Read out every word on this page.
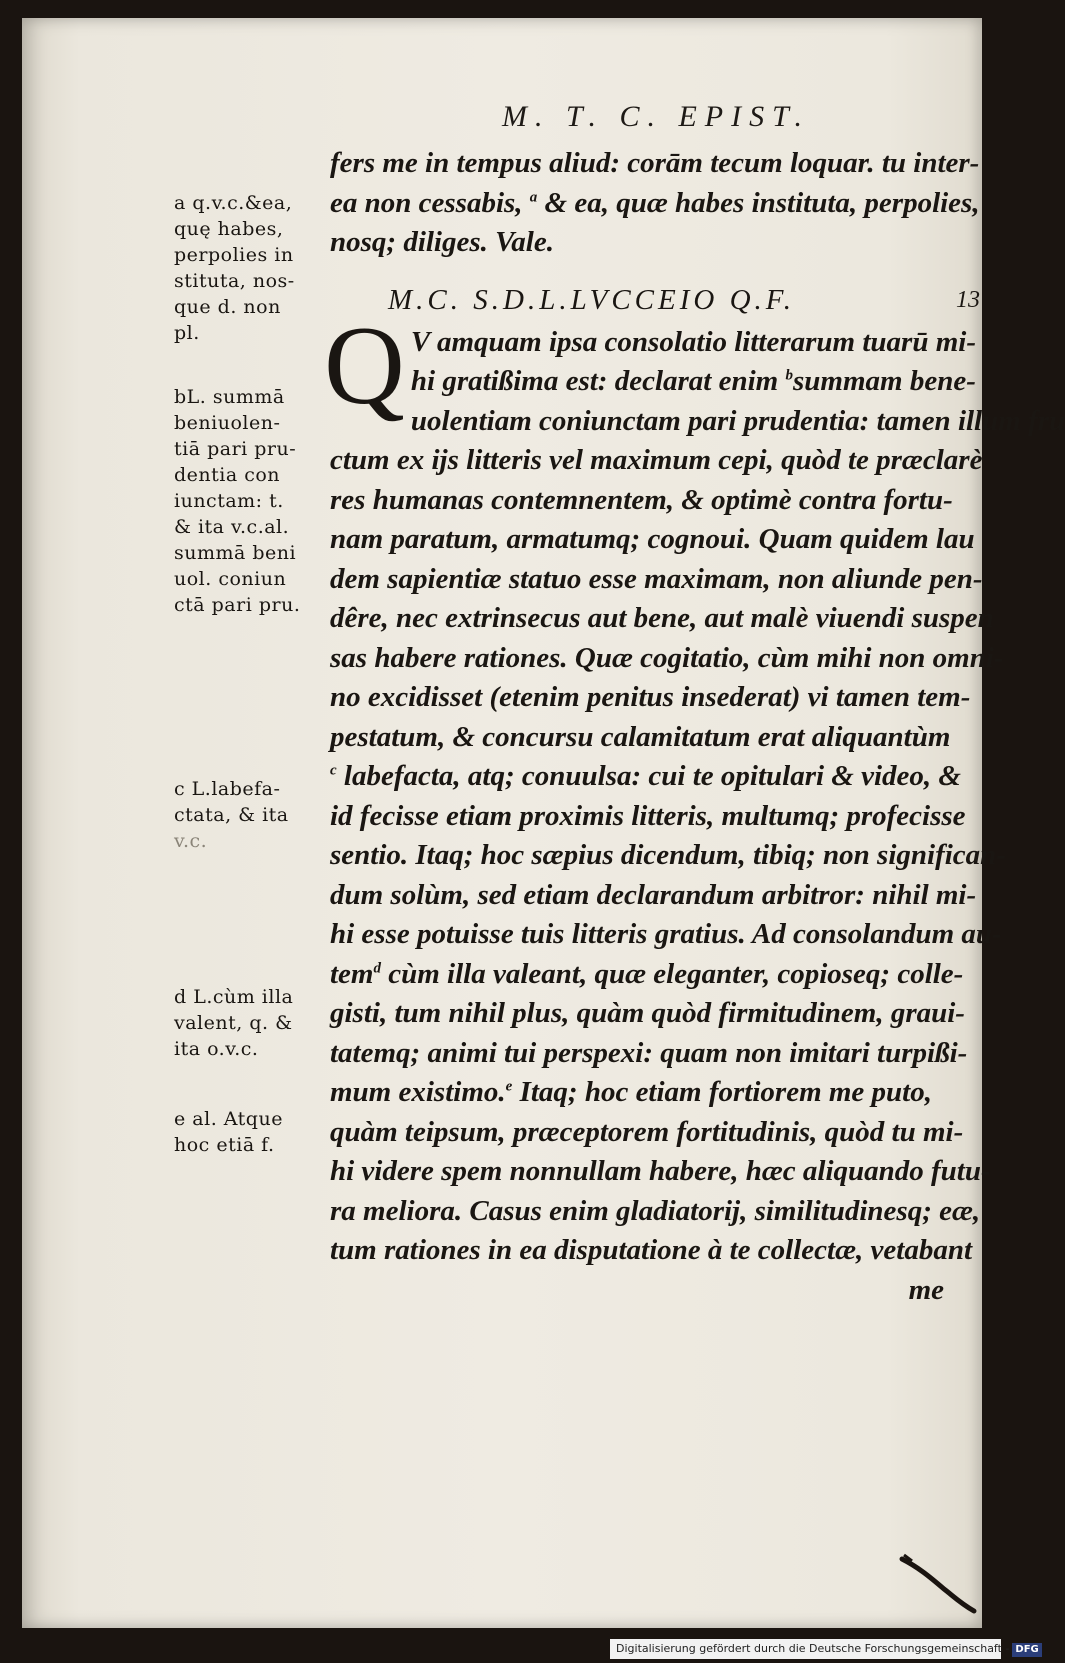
M. T. C. EPIST.
fers me in tempus aliud: corām tecum loquar. tu inter-
ea non cessabis, $^a$ & ea, quæ habes instituta, perpolies,
nosq; diliges. Vale.
M.C. S.D.L.LVCCEIO Q.F.	13
Q V amquam ipsa consolatio litterarum tuarū mi-
hi gratißima est: declarat enim $^b$summam bene-
uolentiam coniunctam pari prudentia: tamen illum fru
ctum ex ijs litteris vel maximum cepi, quòd te præclarè
res humanas contemnentem, & optimè contra fortu-
nam paratum, armatumq; cognoui. Quam quidem lau
dem sapientiæ statuo esse maximam, non aliunde pen-
dêre, nec extrinsecus aut bene, aut malè viuendi suspen
sas habere rationes. Quæ cogitatio, cùm mihi non omni-
no excidisset (etenim penitus insederat) vi tamen tem-
pestatum, & concursu calamitatum erat aliquantùm
$^c$ labefacta, atq; conuulsa: cui te opitulari & video, &
id fecisse etiam proximis litteris, multumq; profecisse
sentio. Itaq; hoc sæpius dicendum, tibiq; non significan-
dum solùm, sed etiam declarandum arbitror: nihil mi-
hi esse potuisse tuis litteris gratius. Ad consolandum au-
tem$^d$ cùm illa valeant, quæ eleganter, copioseq; colle-
gisti, tum nihil plus, quàm quòd firmitudinem, graui-
tatemq; animi tui perspexi: quam non imitari turpißi-
mum existimo.$^e$ Itaq; hoc etiam fortiorem me puto,
quàm teipsum, præceptorem fortitudinis, quòd tu mi-
hi videre spem nonnullam habere, hæc aliquando futu-
ra meliora. Casus enim gladiatorij, similitudinesq; eæ,
tum rationes in ea disputatione à te collectæ, vetabant
me
a q.v.c.&ea,
quę habes,
perpolies in
stituta, nos-
que d. non
pl.
bL. summā
beniuolen-
tiā pari pru-
dentia con
iunctam: t.
& ita v.c.al.
summā beni
uol. coniun
ctā pari pru.
c L.labefa-
ctata, & ita
v.c.
d L.cùm illa
valent, q. &
ita o.v.c.
e al. Atque
hoc etiā f.
Digitalisierung gefördert durch die Deutsche Forschungsgemeinschaft - DFG
